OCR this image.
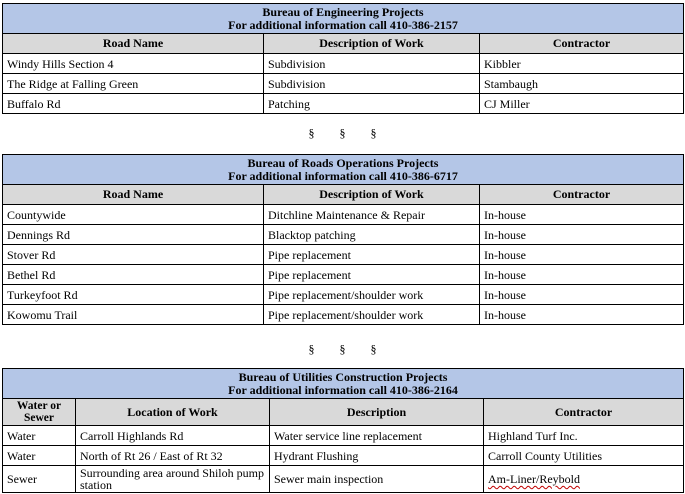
Bureau of Engineering Projects
For additional information call 410-386-2157		

Road Name	Description of Work	Contractor
Windy Hills Section 4	Subdivision	Kibbler
The Ridge at Falling Green	Subdivision	Stambaugh
Buffalo Rd	Patching	CJ Miller
§ § §
Bureau of Roads Operations Projects
For additional information call 410-386-6717		

Road Name	Description of Work	Contractor
Countywide	Ditchline Maintenance & Repair	In-house
Dennings Rd	Blacktop patching	In-house
Stover Rd	Pipe replacement	In-house
Bethel Rd	Pipe replacement	In-house
Turkeyfoot Rd	Pipe replacement/shoulder work	In-house
Kowomu Trail	Pipe replacement/shoulder work	In-house
§ § §
Bureau of Utilities Construction Projects
For additional information call 410-386-2164			

Water or Sewer	Location of Work	Description	Contractor
Water	Carroll Highlands Rd	Water service line replacement	Highland Turf Inc.
Water	North of Rt 26 / East of Rt 32	Hydrant Flushing	Carroll County Utilities
Sewer	Surrounding area around Shiloh pump station	Sewer main inspection	Am-Liner/Reybold
